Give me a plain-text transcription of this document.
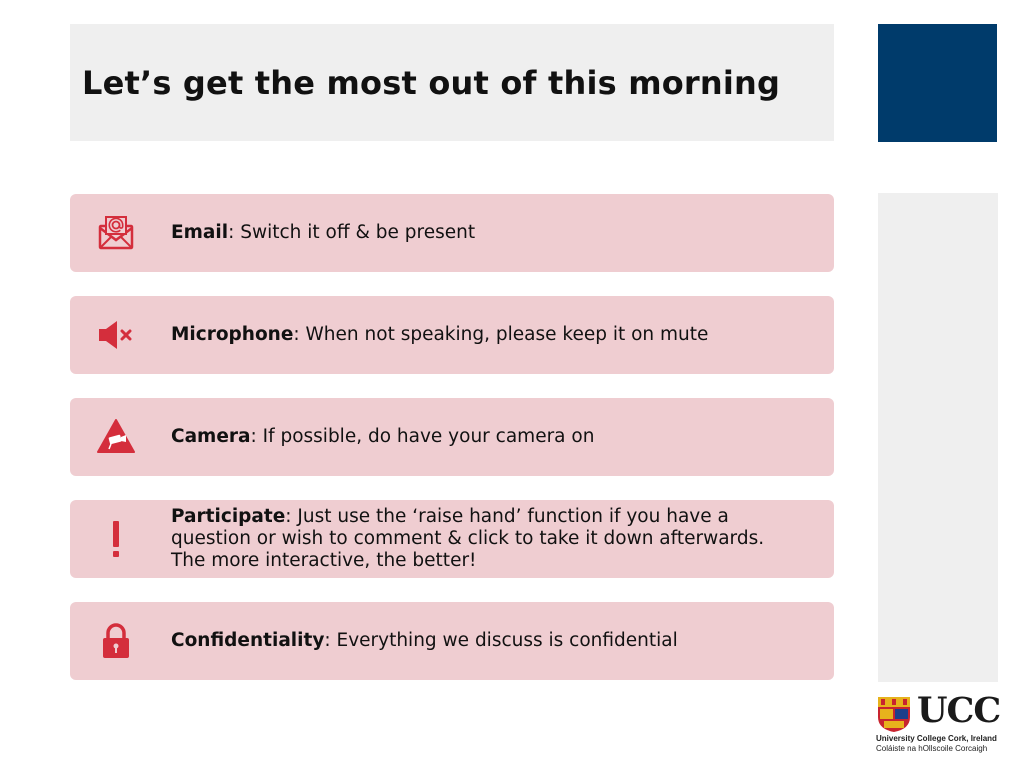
Let’s get the most out of this morning
Email: Switch it off & be present
Microphone: When not speaking, please keep it on mute
Camera: If possible, do have your camera on
Participate: Just use the ‘raise hand’ function if you have a question or wish to comment & click to take it down afterwards. The more interactive, the better!
Confidentiality: Everything we discuss is confidential
UCC
University College Cork, Ireland
Coláiste na hOllscoile Corcaigh
